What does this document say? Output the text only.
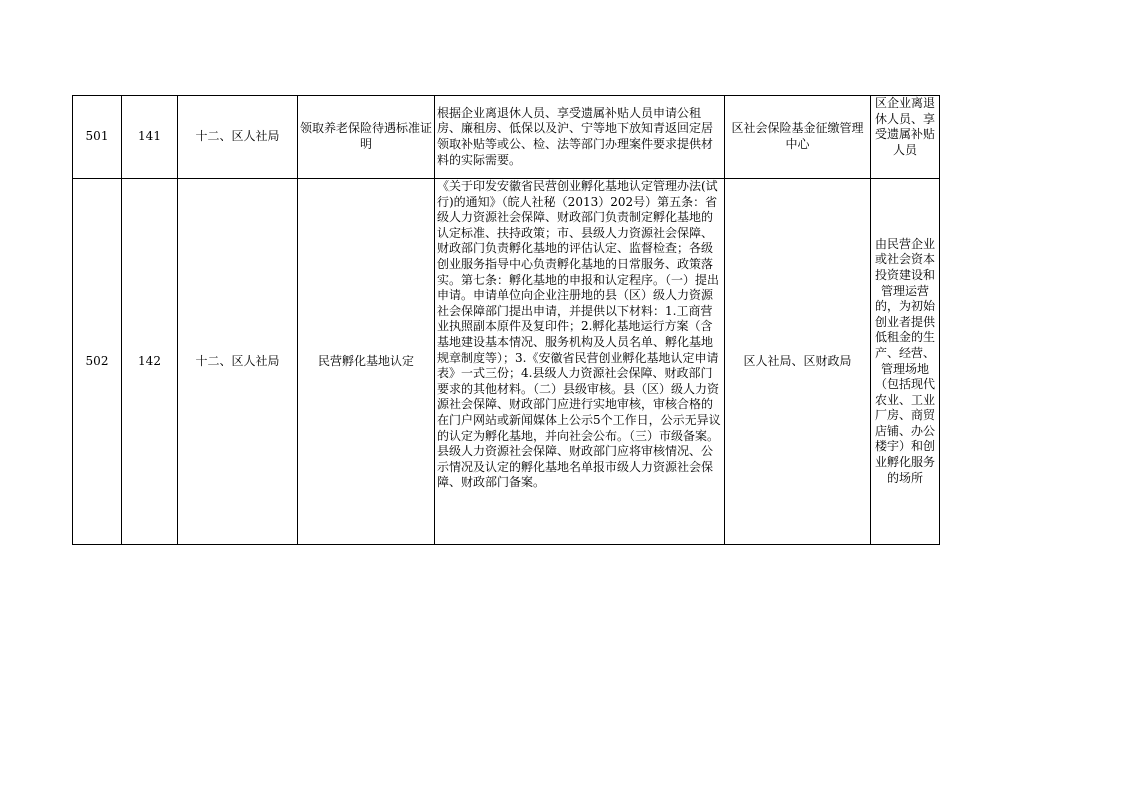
501	141	十二、区人社局	领取养老保险待遇标准证明	根据企业离退休人员、享受遗属补贴人员申请公租房、廉租房、低保以及沪、宁等地下放知青返回定居领取补贴等或公、检、法等部门办理案件要求提供材料的实际需要。	区社会保险基金征缴管理中心	区企业离退休人员、享受遗属补贴人员
502	142	十二、区人社局	民营孵化基地认定	《关于印发安徽省民营创业孵化基地认定管理办法(试行)的通知》（皖人社秘（2013）202号）第五条：省级人力资源社会保障、财政部门负责制定孵化基地的认定标准、扶持政策；市、县级人力资源社会保障、财政部门负责孵化基地的评估认定、监督检查；各级创业服务指导中心负责孵化基地的日常服务、政策落实。第七条：孵化基地的申报和认定程序。（一）提出申请。申请单位向企业注册地的县（区）级人力资源社会保障部门提出申请，并提供以下材料：1.工商营业执照副本原件及复印件；2.孵化基地运行方案（含基地建设基本情况、服务机构及人员名单、孵化基地规章制度等）；3.《安徽省民营创业孵化基地认定申请表》一式三份；4.县级人力资源社会保障、财政部门要求的其他材料。（二）县级审核。县（区）级人力资源社会保障、财政部门应进行实地审核，审核合格的在门户网站或新闻媒体上公示5个工作日，公示无异议的认定为孵化基地，并向社会公布。（三）市级备案。县级人力资源社会保障、财政部门应将审核情况、公示情况及认定的孵化基地名单报市级人力资源社会保障、财政部门备案。	区人社局、区财政局	由民营企业或社会资本投资建设和管理运营的，为初始创业者提供低租金的生产、经营、管理场地（包括现代农业、工业厂房、商贸店铺、办公楼宇）和创业孵化服务的场所
